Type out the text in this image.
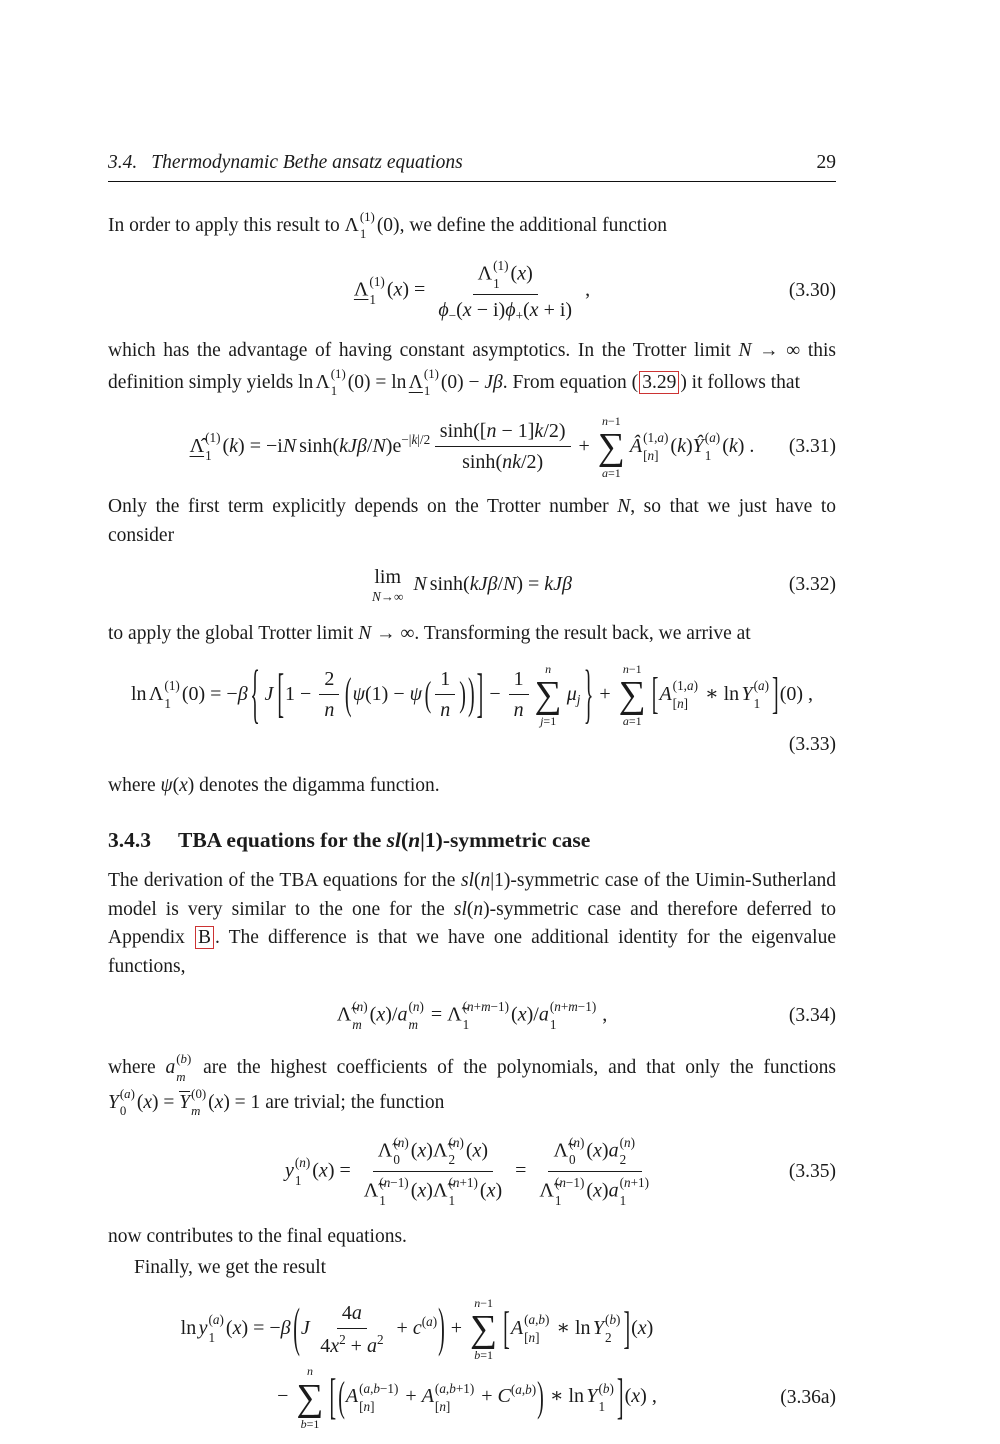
3.4. Thermodynamic Bethe ansatz equations	29
In order to apply this result to Λ (1)
1 (0), we define the additional function
Λ (1)
1 (x) = Λ (1)
1 (x)
ϕ−(x − i)ϕ+(x + i) ,	(3.30)
which has the advantage of having constant asymptotics. In the Trotter limit N → ∞ this definition simply yields ln Λ (1)
1 (0) = ln Λ (1)
1 (0) − Jβ. From equation ( 3.29 ) it follows that
Λ̂ (1)
1 (k) = −iN $\sinh(kJ\beta/N)e^{-|k|/2} \frac{\sinh([n - 1]k/2)}{\sinh(nk/2)}$ +
n−1
∑
a=1
Â (1,a)
[n] (k)Ŷ (a)
1 (k) . (3.31)
Only the first term explicitly depends on the Trotter number N, so that we just have to consider
lim
N→∞
N sinh(kJβ/N) = kJβ	(3.32)
to apply the global Trotter limit N → ∞. Transforming the result back, we arrive at
ln Λ (1)
1 (0) = −β { J [$1 - \frac{2}{n} (\psi(1) - \psi$ ( $\frac{1}{n}$ ) ) ] − $\frac{1}{n}$ n
∑
j=1
μj } +
n−1
∑
a=1
[A (1,a)
[n] ∗ ln Y (a)
1 ](0) ,
(3.33)
where ψ(x) denotes the digamma function.
3.4.3 TBA equations for the sl(n|1)-symmetric case
The derivation of the TBA equations for the sl(n|1)-symmetric case of the Uimin-Sutherland model is very similar to the one for the sl(n)-symmetric case and therefore deferred to Appendix B . The difference is that we have one additional identity for the eigenvalue functions,
Λ̃ (n)
m (x)/a (n)
m = Λ̃ (n+m−1)
1 (x)/a (n+m−1)
1 ,	(3.34)
where a (b)
m are the highest coefficients of the polynomials, and that only the functions Y (a)
0 (x) = Y (0)
m (x) = 1 are trivial; the function
y (n)
1 (x) = Λ̃ (n)
0 (x)Λ̃ (n)
2 (x)
Λ̃ (n−1)
1 (x)Λ̃ (n+1)
1 (x) = Λ̃ (n)
0 (x)a (n)
2
Λ̃ (n−1)
1 (x)a (n+1)
1	(3.35)
now contributes to the final equations.
Finally, we get the result
ln y (a)
1 (x) = −β $(J \frac{4a}{4x^2 + a^2} + c^{(a)})$ +
n−1
∑
b=1
[A (a,b)
[n] ∗ ln Y (b)
2 ](x)
−
n
∑
b=1 [ (A (a,b−1)
[n] + A (a,b+1)
[n] + C$^{(a,b)}$) ∗ ln Y (b)
1 ](x) ,	(3.36a)
